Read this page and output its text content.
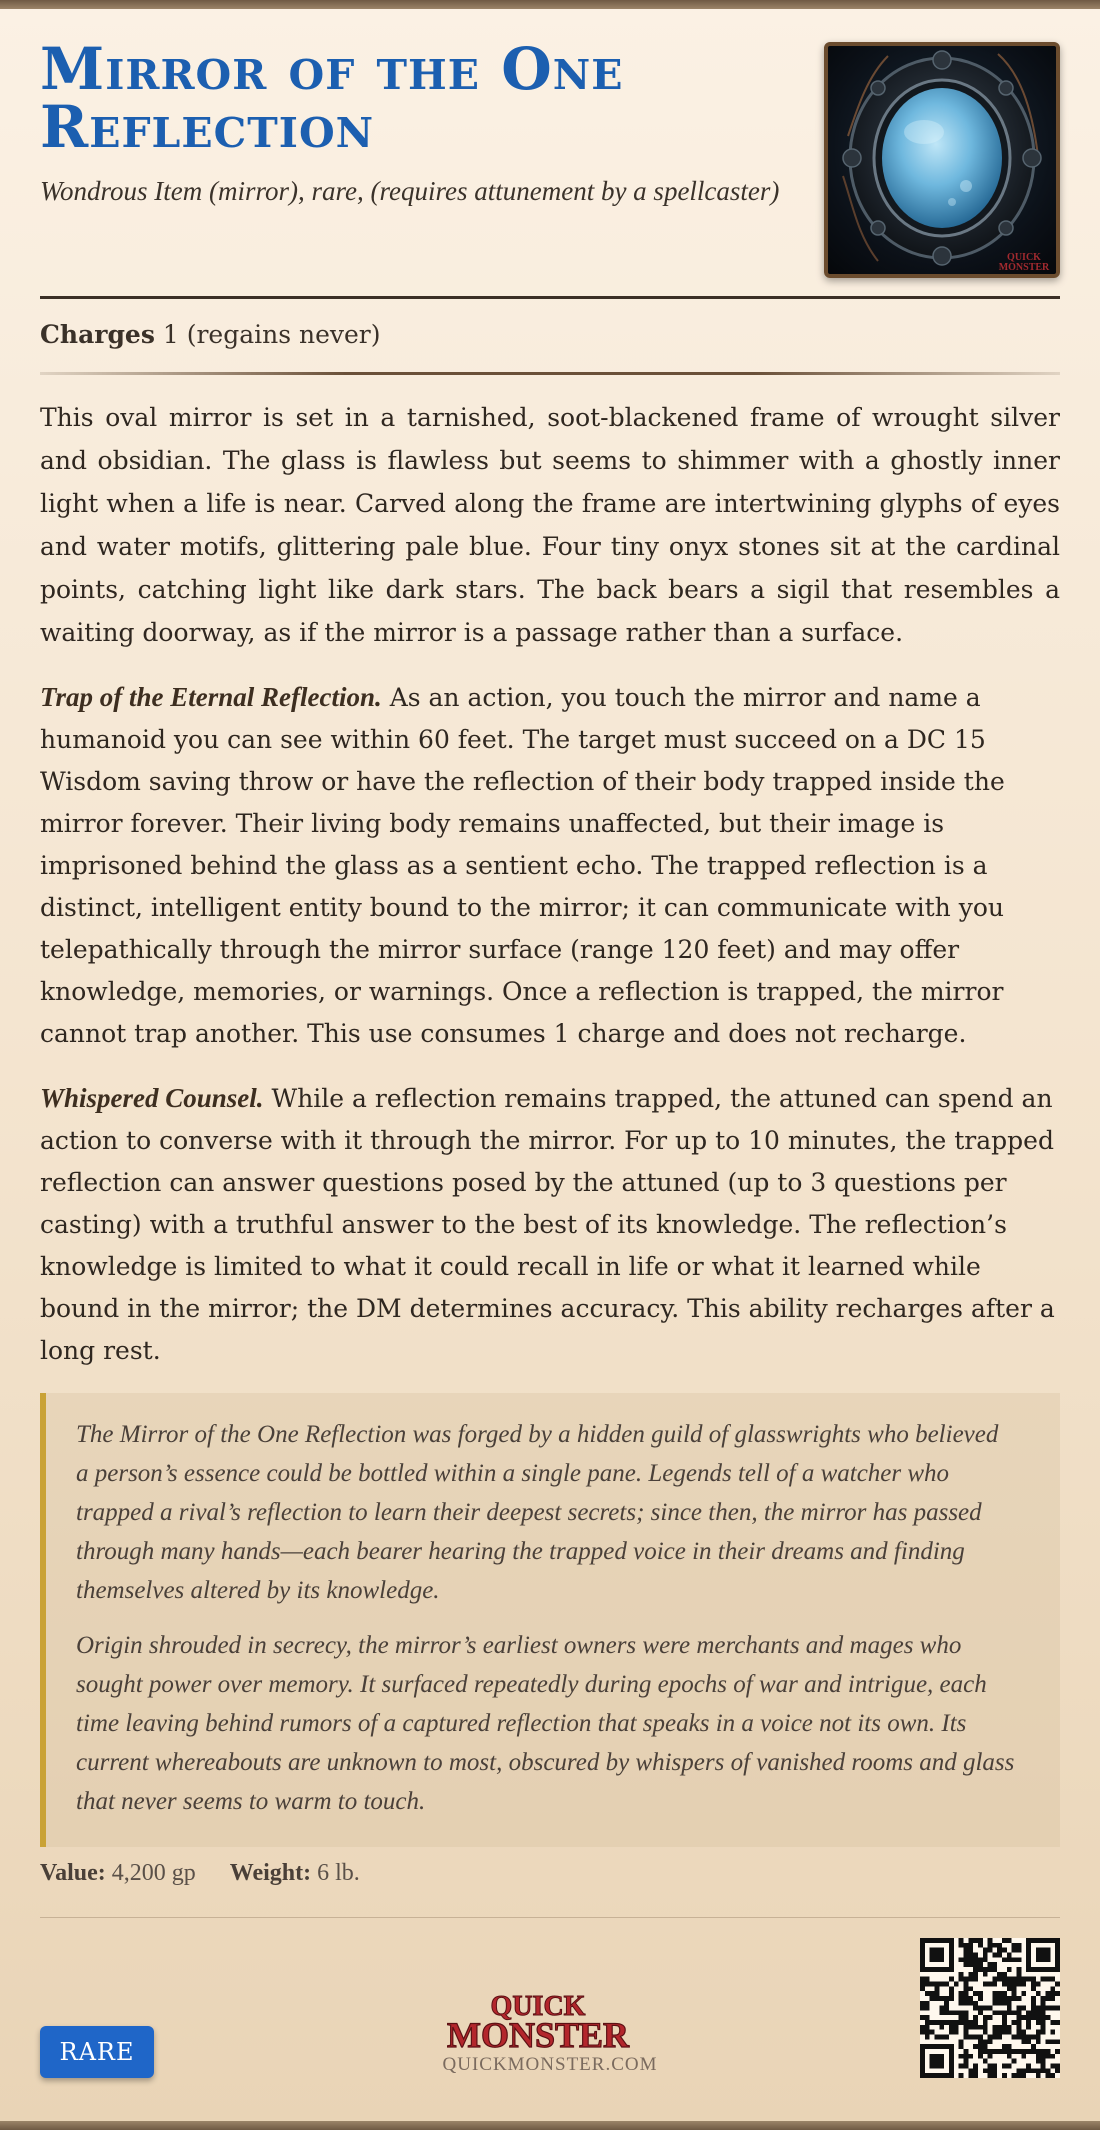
Mirror of the One Reflection
Wondrous Item (mirror), rare, (requires attunement by a spellcaster)
QUICK
MONSTER
Charges 1 (regains never)

This oval mirror is set in a tarnished, soot-blackened frame of wrought silver and obsidian. The glass is flawless but seems to shimmer with a ghostly inner light when a life is near. Carved along the frame are intertwining glyphs of eyes and water motifs, glittering pale blue. Four tiny onyx stones sit at the cardinal points, catching light like dark stars. The back bears a sigil that resembles a waiting doorway, as if the mirror is a passage rather than a surface.

Trap of the Eternal Reflection. As an action, you touch the mirror and name a humanoid you can see within 60 feet. The target must succeed on a DC 15 Wisdom saving throw or have the reflection of their body trapped inside the mirror forever. Their living body remains unaffected, but their image is imprisoned behind the glass as a sentient echo. The trapped reflection is a distinct, intelligent entity bound to the mirror; it can communicate with you telepathically through the mirror surface (range 120 feet) and may offer knowledge, memories, or warnings. Once a reflection is trapped, the mirror cannot trap another. This use consumes 1 charge and does not recharge.

Whispered Counsel. While a reflection remains trapped, the attuned can spend an action to converse with it through the mirror. For up to 10 minutes, the trapped reflection can answer questions posed by the attuned (up to 3 questions per casting) with a truthful answer to the best of its knowledge. The reflection’s knowledge is limited to what it could recall in life or what it learned while bound in the mirror; the DM determines accuracy. This ability recharges after a long rest.

The Mirror of the One Reflection was forged by a hidden guild of glasswrights who believed a person’s essence could be bottled within a single pane. Legends tell of a watcher who trapped a rival’s reflection to learn their deepest secrets; since then, the mirror has passed through many hands—each bearer hearing the trapped voice in their dreams and finding themselves altered by its knowledge.

Origin shrouded in secrecy, the mirror’s earliest owners were merchants and mages who sought power over memory. It surfaced repeatedly during epochs of war and intrigue, each time leaving behind rumors of a captured reflection that speaks in a voice not its own. Its current whereabouts are unknown to most, obscured by whispers of vanished rooms and glass that never seems to warm to touch.

Value: 4,200 gp Weight: 6 lb.
RARE
QUICK
MONSTER
QUICKMONSTER.COM
